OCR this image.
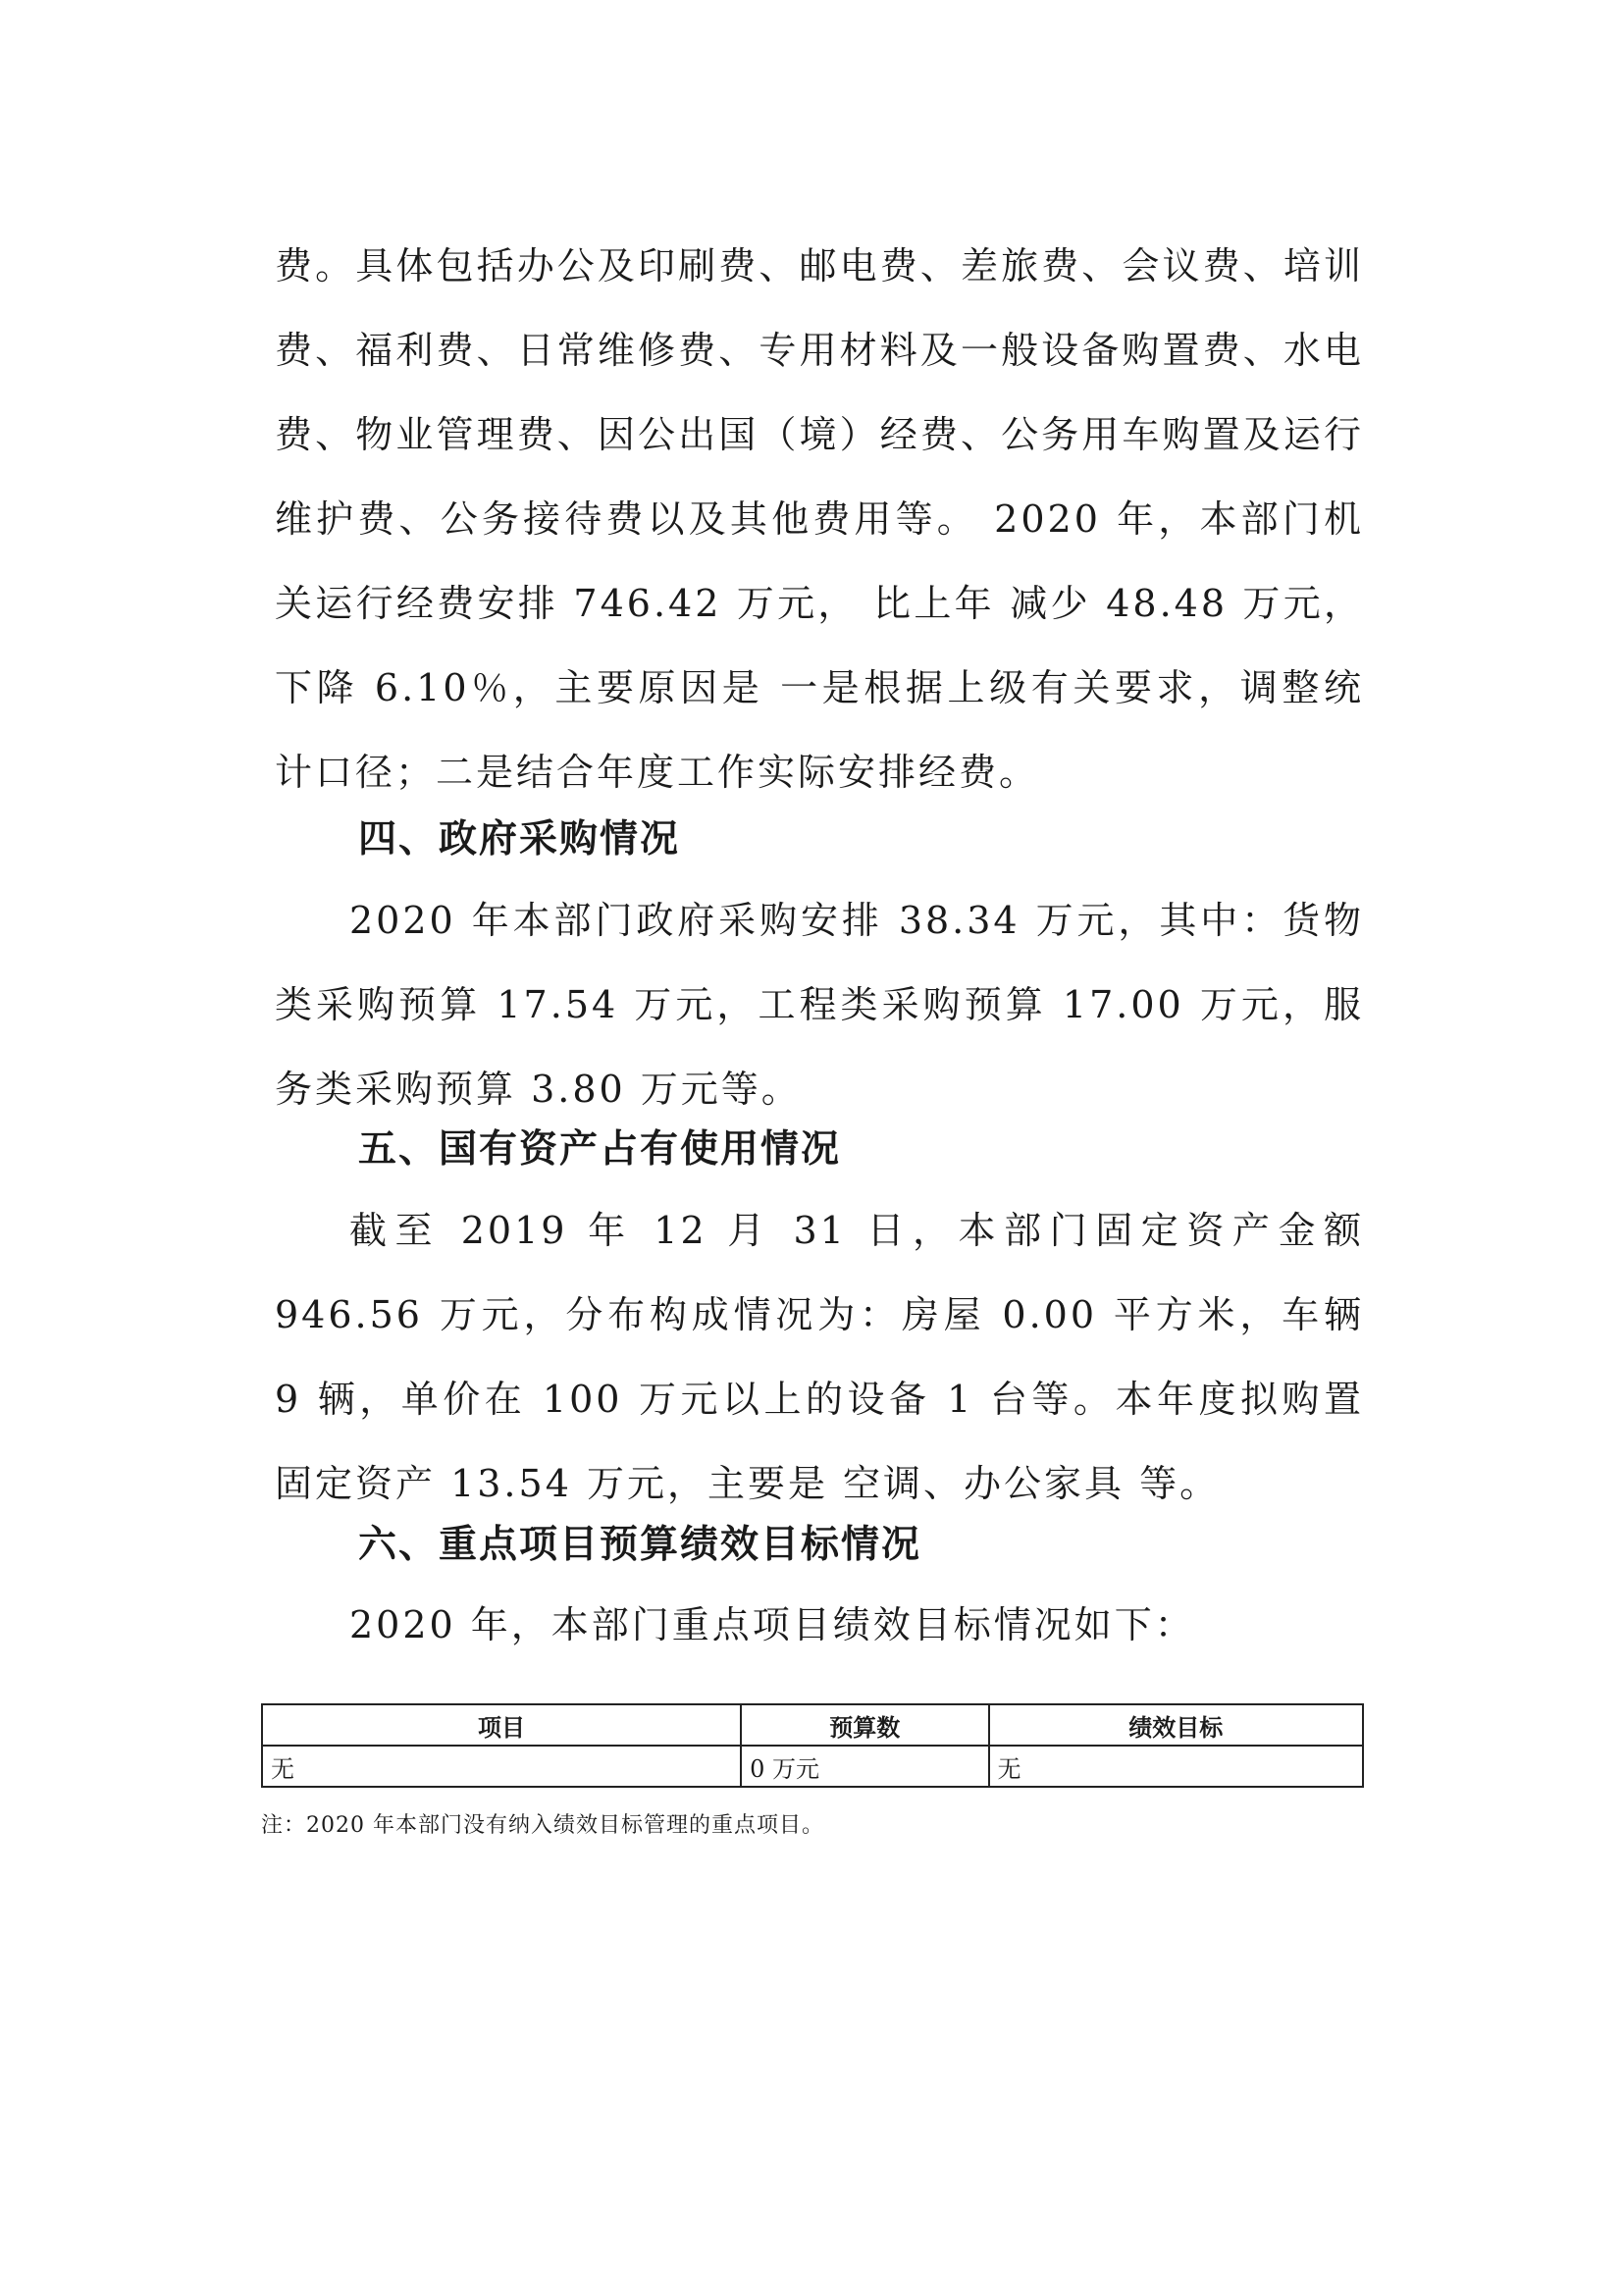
费。具体包括办公及印刷费、邮电费、差旅费、会议费、培训费、福利费、日常维修费、专用材料及一般设备购置费、水电费、物业管理费、因公出国（境）经费、公务用车购置及运行维护费、公务接待费以及其他费用等。 2020 年，本部门机关运行经费安排 746.42 万元， 比上年 减少 48.48 万元， 下降 6.10％，主要原因是 一是根据上级有关要求，调整统计口径；二是结合年度工作实际安排经费。
四、政府采购情况
2020 年本部门政府采购安排 38.34 万元，其中：货物类采购预算 17.54 万元，工程类采购预算 17.00 万元，服务类采购预算 3.80 万元等。
五、国有资产占有使用情况
截至 2019 年 12 月 31 日，本部门固定资产金额 946.56 万元，分布构成情况为：房屋 0.00 平方米，车辆 9 辆，单价在 100 万元以上的设备 1 台等。本年度拟购置固定资产 13.54 万元，主要是 空调、办公家具 等。
六、重点项目预算绩效目标情况
2020 年，本部门重点项目绩效目标情况如下：
项目	预算数	绩效目标
无	0 万元	无
注：2020 年本部门没有纳入绩效目标管理的重点项目。
